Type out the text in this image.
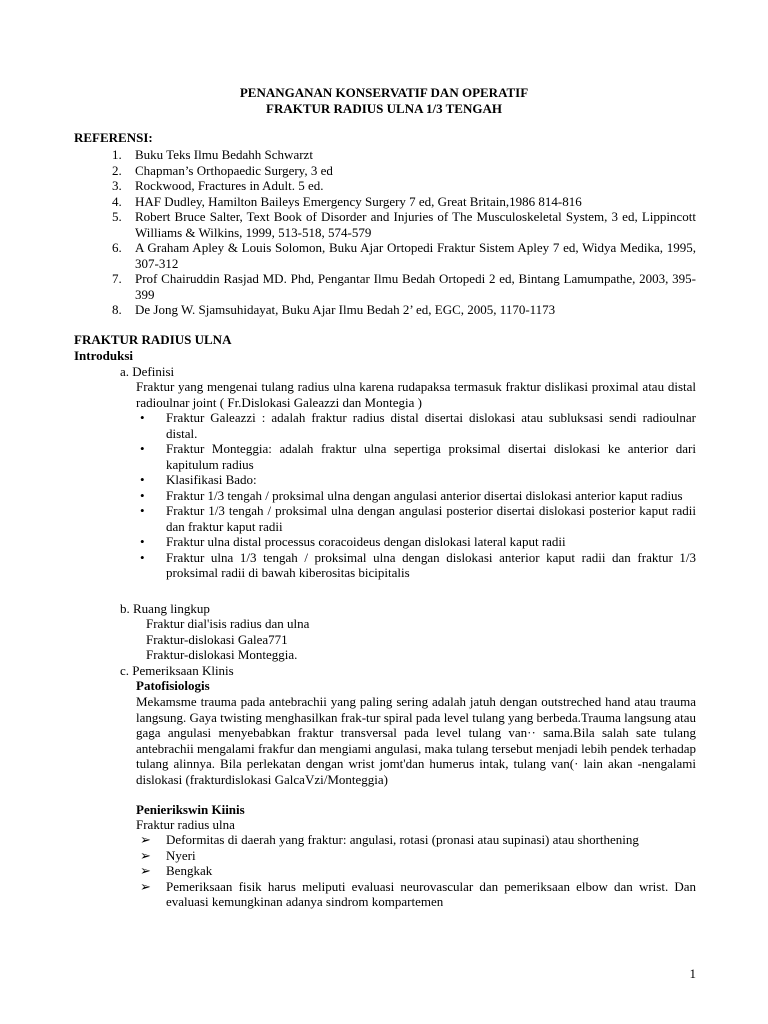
PENANGANAN KONSERVATIF DAN OPERATIF
FRAKTUR RADIUS ULNA 1/3 TENGAH
REFERENSI:
1.	Buku Teks Ilmu Bedahh Schwarzt
2.	Chapman’s Orthopaedic Surgery, 3 ed
3.	Rockwood, Fractures in Adult. 5 ed.
4.	HAF Dudley, Hamilton Baileys Emergency Surgery 7 ed, Great Britain,1986 814-816
5.	Robert Bruce Salter, Text Book of Disorder and Injuries of The Musculoskeletal System, 3 ed, Lippincott Williams & Wilkins, 1999, 513-518, 574-579
6.	A Graham Apley & Louis Solomon, Buku Ajar Ortopedi Fraktur Sistem Apley 7 ed, Widya Medika, 1995, 307-312
7.	Prof Chairuddin Rasjad MD. Phd, Pengantar Ilmu Bedah Ortopedi 2 ed, Bintang Lamumpathe, 2003, 395-399
8.	De Jong W. Sjamsuhidayat, Buku Ajar Ilmu Bedah 2’ ed, EGC, 2005, 1170-1173
FRAKTUR RADIUS ULNA
Introduksi
a. Definisi
Fraktur yang mengenai tulang radius ulna karena rudapaksa termasuk fraktur dislikasi proximal atau distal radioulnar joint ( Fr.Dislokasi Galeazzi dan Montegia )
•	Fraktur Galeazzi : adalah fraktur radius distal disertai dislokasi atau subluksasi sendi radioulnar distal.
•	Fraktur Monteggia: adalah fraktur ulna sepertiga proksimal disertai dislokasi ke anterior dari kapitulum radius
•	Klasifikasi Bado:
•	Fraktur 1/3 tengah / proksimal ulna dengan angulasi anterior disertai dislokasi anterior kaput radius
•	Fraktur 1/3 tengah / proksimal ulna dengan angulasi posterior disertai dislokasi posterior kaput radii dan fraktur kaput radii
•	Fraktur ulna distal processus coracoideus dengan dislokasi lateral kaput radii
•	Fraktur ulna 1/3 tengah / proksimal ulna dengan dislokasi anterior kaput radii dan fraktur 1/3 proksimal radii di bawah kiberositas bicipitalis
b. Ruang lingkup
Fraktur dial'isis radius dan ulna
Fraktur-dislokasi Galea771
Fraktur-dislokasi Monteggia.
c. Pemeriksaan Klinis
Patofisiologis
Mekamsme trauma pada antebrachii yang paling sering adalah jatuh dengan outstreched hand atau trauma langsung. Gaya twisting menghasilkan frak-tur spiral pada level tulang yang berbeda.Trauma langsung atau gaga angulasi menyebabkan fraktur transversal pada level tulang van·· sama.Bila salah sate tulang antebrachii mengalami frakfur dan mengiami angulasi, maka tulang tersebut menjadi lebih pendek terhadap tulang alinnya. Bila perlekatan dengan wrist jomt'dan humerus intak, tulang van(· lain akan -nengalami dislokasi (frakturdislokasi GalcaVzi/Monteggia)
Penierikswin Kiinis
Fraktur radius ulna
➢	Deformitas di daerah yang fraktur: angulasi, rotasi (pronasi atau supinasi) atau shorthening
➢	Nyeri
➢	Bengkak
➢	Pemeriksaan fisik harus meliputi evaluasi neurovascular dan pemeriksaan elbow dan wrist. Dan evaluasi kemungkinan adanya sindrom kompartemen
1
